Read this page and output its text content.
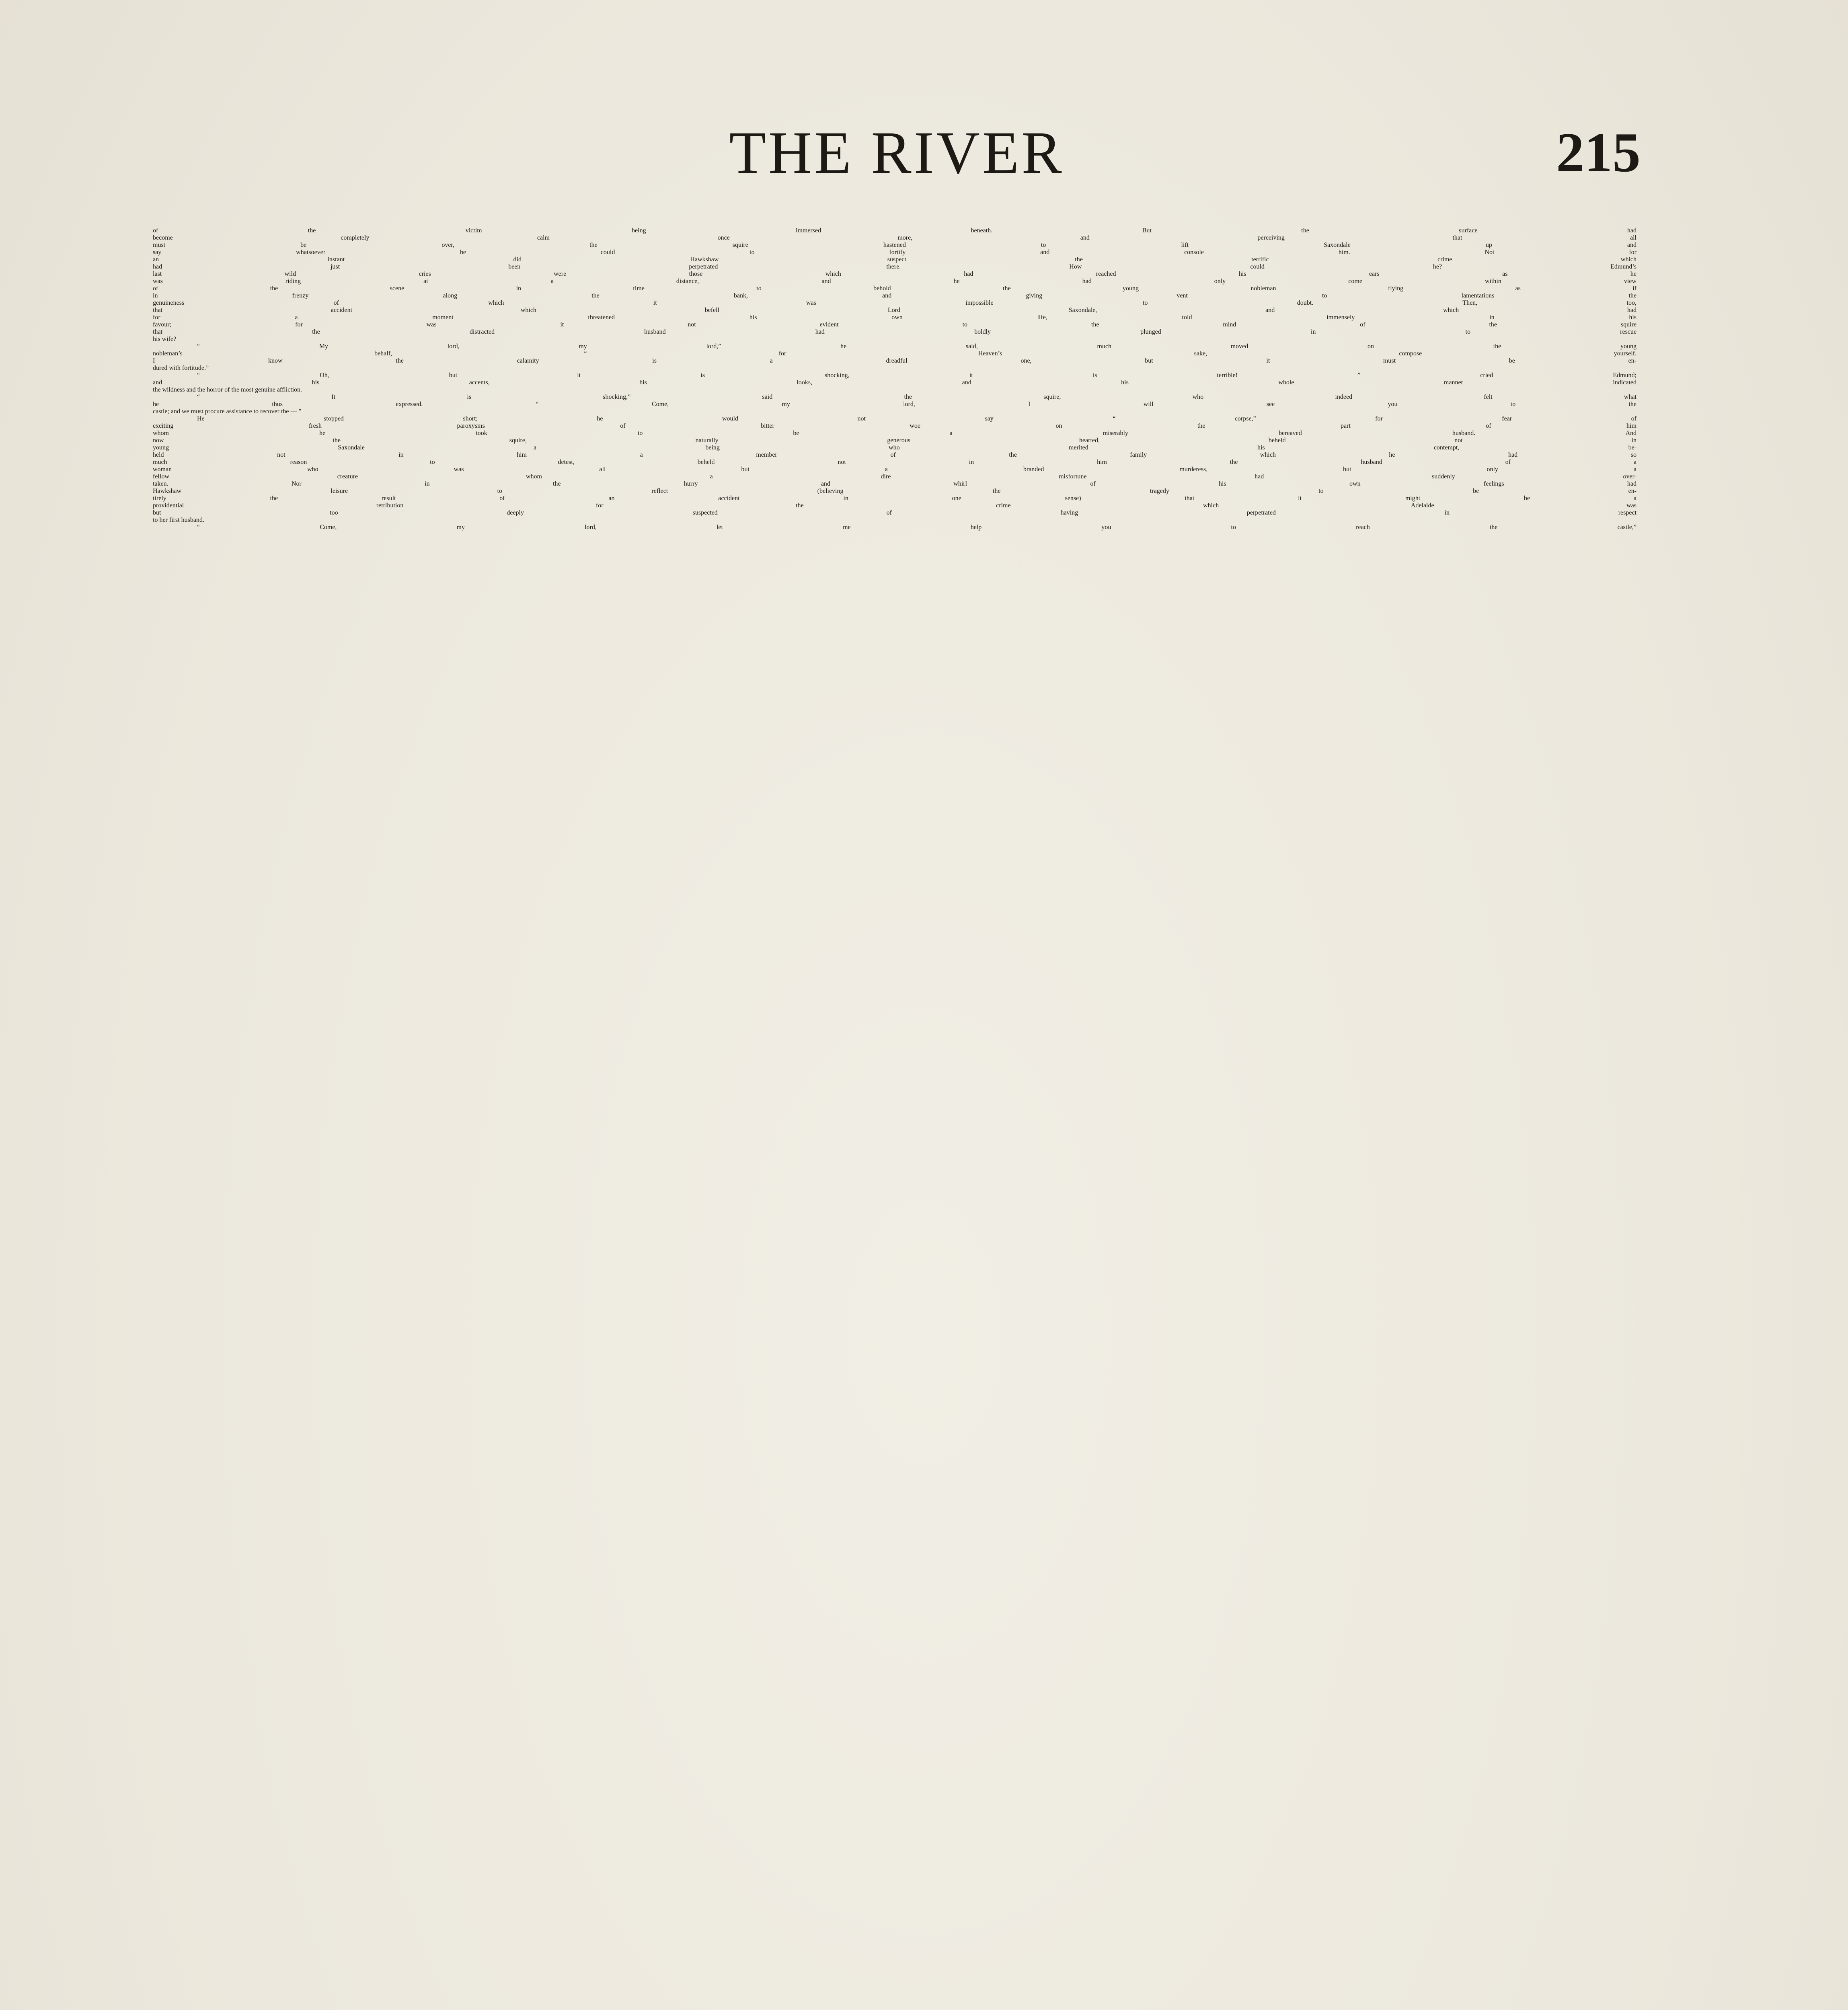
THE RIVER	215
of the victim being immersed beneath. But the surface had
become completely calm once more, and perceiving that all
must be over, the squire hastened to lift Saxondale up and
say whatsoever he could to fortify and console him. Not for
an instant did Hawkshaw suspect the terrific crime which
had just been perpetrated there. How could he? Edmund’s
last wild cries were those which had reached his ears as he
was riding at a distance, and he had only come within view
of the scene in time to behold the young nobleman flying as if
in frenzy along the bank, and giving vent to lamentations the
genuineness of which it was impossible to doubt. Then, too,
that accident which befell Lord Saxondale, and which had
for a moment threatened his own life, told immensely in his
favour; for was it not evident to the mind of the squire
that the distracted husband had boldly plunged in to rescue
his wife?
“ My lord, my lord,” he said, much moved on the young
nobleman’s behalf, “ for Heaven’s sake, compose yourself.
I know the calamity is a dreadful one, but it must be en-
dured with fortitude.”
“ Oh, but it is shocking, it is terrible! ” cried Edmund;
and his accents, his looks, and his whole manner indicated
the wildness and the horror of the most genuine affliction.
“ It is shocking,” said the squire, who indeed felt what
he thus expressed. “ Come, my lord, I will see you to the
castle; and we must procure assistance to recover the — ”
He stopped short; he would not say “ corpse,” for fear of
exciting fresh paroxysms of bitter woe on the part of him
whom he took to be a miserably bereaved husband. And
now the squire, naturally generous hearted, beheld not in
young Saxondale a being who merited his contempt, be-
held not in him a member of the family which he had so
much reason to detest, beheld not in him the husband of a
woman who was all but a branded murderess, but only a
fellow creature whom a dire misfortune had suddenly over-
taken. Nor in the hurry and whirl of his own feelings had
Hawkshaw leisure to reflect (believing the tragedy to be en-
tirely the result of an accident in one sense) that it might be a
providential retribution for the crime which Adelaide was
but too deeply suspected of having perpetrated in respect
to her first husband.
“ Come, my lord, let me help you to reach the castle,”
